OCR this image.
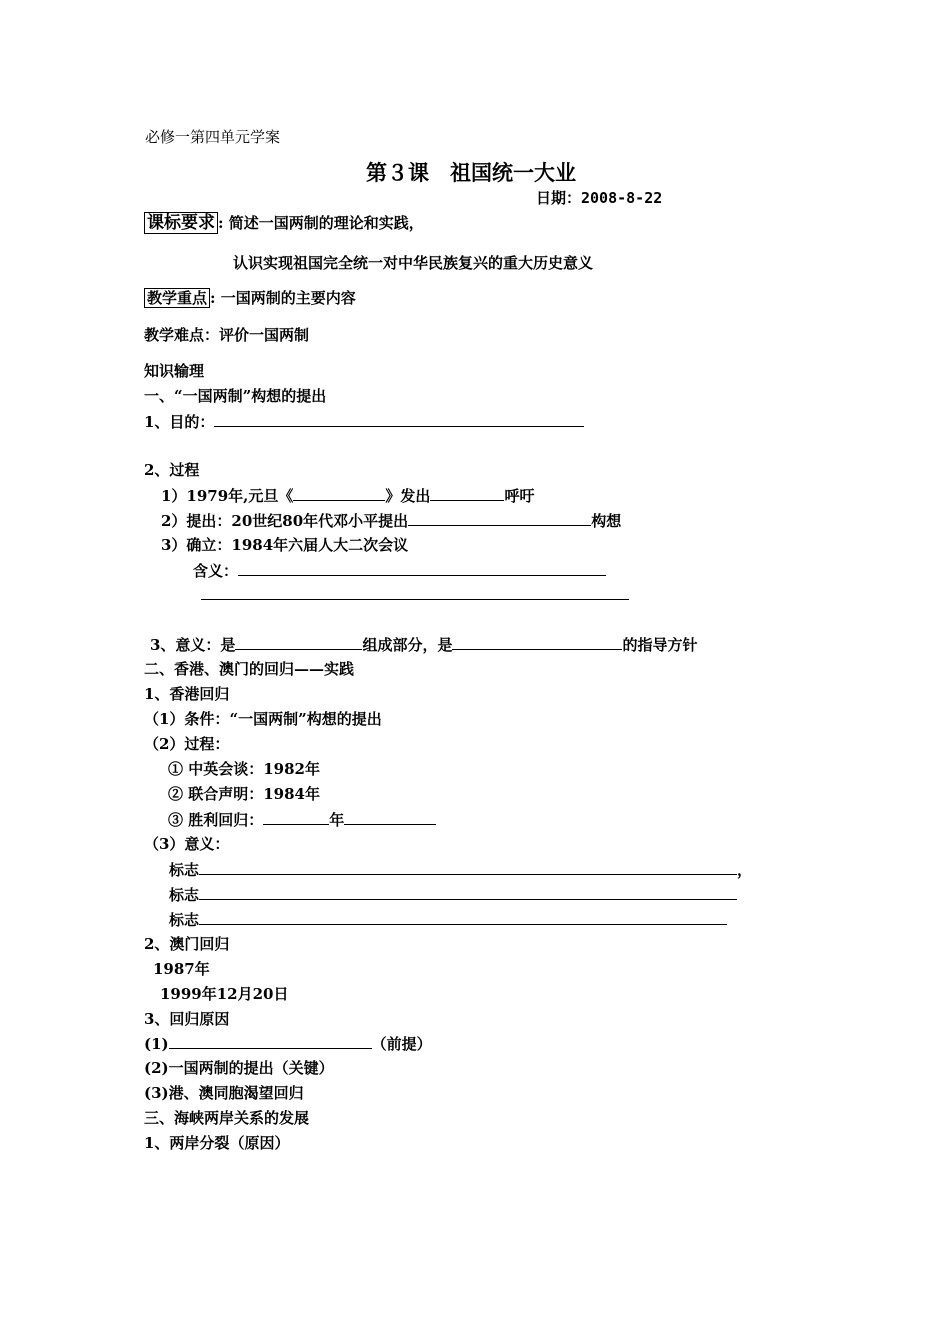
必修一第四单元学案
第３课　祖国统一大业
日期：2008-8-22
课标要求 : 简述一国两制的理论和实践，
认识实现祖国完全统一对中华民族复兴的重大历史意义
教学重点 : 一国两制的主要内容
教学难点：评价一国两制
知识输理
一、“一国两制”构想的提出
1、目的：
2、过程
1）1979年,元旦《	》发出	呼吁
2）提出：20世纪80年代邓小平提出	构想
3）确立：1984年六届人大二次会议
含义：
3、意义：是	组成部分，是	的指导方针
二、香港、澳门的回归——实践
1、香港回归
（1）条件：“一国两制”构想的提出
（2）过程：
① 中英会谈：1982年
② 联合声明：1984年
③ 胜利回归：	年
（3）意义：
标志	，
标志
标志
2、澳门回归
1987年
1999年12月20日
3、回归原因
(1)	（前提）
(2)一国两制的提出（关键）
(3)港、澳同胞渴望回归
三、海峡两岸关系的发展
1、两岸分裂（原因）
